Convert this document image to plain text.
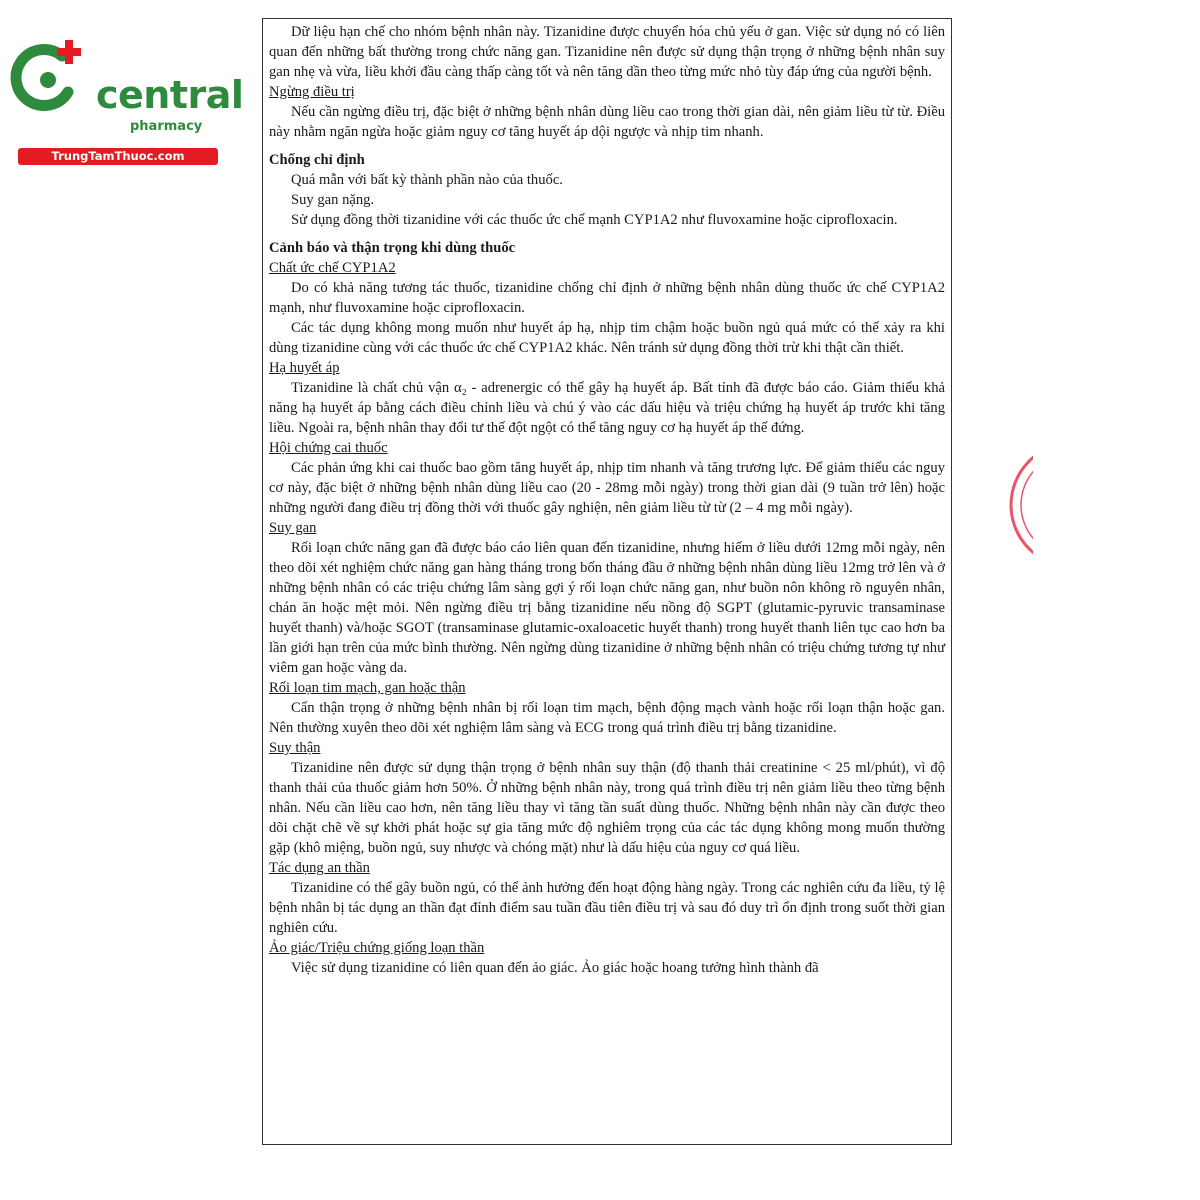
central
pharmacy
TrungTamThuoc.com

Dữ liệu hạn chế cho nhóm bệnh nhân này. Tizanidine được chuyển hóa chủ yếu ở gan. Việc sử dụng nó có liên quan đến những bất thường trong chức năng gan. Tizanidine nên được sử dụng thận trọng ở những bệnh nhân suy gan nhẹ và vừa, liều khởi đầu càng thấp càng tốt và nên tăng dần theo từng mức nhỏ tùy đáp ứng của người bệnh.

Ngừng điều trị

Nếu cần ngừng điều trị, đặc biệt ở những bệnh nhân dùng liều cao trong thời gian dài, nên giảm liều từ từ. Điều này nhằm ngăn ngừa hoặc giảm nguy cơ tăng huyết áp dội ngược và nhịp tim nhanh.

Chống chỉ định

Quá mẫn với bất kỳ thành phần nào của thuốc.

Suy gan nặng.

Sử dụng đồng thời tizanidine với các thuốc ức chế mạnh CYP1A2 như fluvoxamine hoặc ciprofloxacin.

Cảnh báo và thận trọng khi dùng thuốc

Chất ức chế CYP1A2

Do có khả năng tương tác thuốc, tizanidine chống chỉ định ở những bệnh nhân dùng thuốc ức chế CYP1A2 mạnh, như fluvoxamine hoặc ciprofloxacin.

Các tác dụng không mong muốn như huyết áp hạ, nhịp tim chậm hoặc buồn ngủ quá mức có thể xảy ra khi dùng tizanidine cùng với các thuốc ức chế CYP1A2 khác. Nên tránh sử dụng đồng thời trừ khi thật cần thiết.

Hạ huyết áp

Tizanidine là chất chủ vận α₂ - adrenergic có thể gây hạ huyết áp. Bất tỉnh đã được báo cáo. Giảm thiểu khả năng hạ huyết áp bằng cách điều chỉnh liều và chú ý vào các dấu hiệu và triệu chứng hạ huyết áp trước khi tăng liều. Ngoài ra, bệnh nhân thay đổi tư thế đột ngột có thể tăng nguy cơ hạ huyết áp thế đứng.

Hội chứng cai thuốc

Các phản ứng khi cai thuốc bao gồm tăng huyết áp, nhịp tim nhanh và tăng trương lực. Để giảm thiểu các nguy cơ này, đặc biệt ở những bệnh nhân dùng liều cao (20 - 28mg mỗi ngày) trong thời gian dài (9 tuần trở lên) hoặc những người đang điều trị đồng thời với thuốc gây nghiện, nên giảm liều từ từ (2 – 4 mg mỗi ngày).

Suy gan

Rối loạn chức năng gan đã được báo cáo liên quan đến tizanidine, nhưng hiếm ở liều dưới 12mg mỗi ngày, nên theo dõi xét nghiệm chức năng gan hàng tháng trong bốn tháng đầu ở những bệnh nhân dùng liều 12mg trở lên và ở những bệnh nhân có các triệu chứng lâm sàng gợi ý rối loạn chức năng gan, như buồn nôn không rõ nguyên nhân, chán ăn hoặc mệt mỏi. Nên ngừng điều trị bằng tizanidine nếu nồng độ SGPT (glutamic-pyruvic transaminase huyết thanh) và/hoặc SGOT (transaminase glutamic-oxaloacetic huyết thanh) trong huyết thanh liên tục cao hơn ba lần giới hạn trên của mức bình thường. Nên ngừng dùng tizanidine ở những bệnh nhân có triệu chứng tương tự như viêm gan hoặc vàng da.

Rối loạn tim mạch, gan hoặc thận

Cẩn thận trọng ở những bệnh nhân bị rối loạn tim mạch, bệnh động mạch vành hoặc rối loạn thận hoặc gan. Nên thường xuyên theo dõi xét nghiệm lâm sàng và ECG trong quá trình điều trị bằng tizanidine.

Suy thận

Tizanidine nên được sử dụng thận trọng ở bệnh nhân suy thận (độ thanh thải creatinine < 25 ml/phút), vì độ thanh thải của thuốc giảm hơn 50%. Ở những bệnh nhân này, trong quá trình điều trị nên giảm liều theo từng bệnh nhân. Nếu cần liều cao hơn, nên tăng liều thay vì tăng tần suất dùng thuốc. Những bệnh nhân này cần được theo dõi chặt chẽ về sự khởi phát hoặc sự gia tăng mức độ nghiêm trọng của các tác dụng không mong muốn thường gặp (khô miệng, buồn ngủ, suy nhược và chóng mặt) như là dấu hiệu của nguy cơ quá liều.

Tác dụng an thần

Tizanidine có thể gây buồn ngủ, có thể ảnh hưởng đến hoạt động hàng ngày. Trong các nghiên cứu đa liều, tỷ lệ bệnh nhân bị tác dụng an thần đạt đỉnh điểm sau tuần đầu tiên điều trị và sau đó duy trì ổn định trong suốt thời gian nghiên cứu.

Ảo giác/Triệu chứng giống loạn thần

Việc sử dụng tizanidine có liên quan đến ảo giác. Ảo giác hoặc hoang tưởng hình thành đã
